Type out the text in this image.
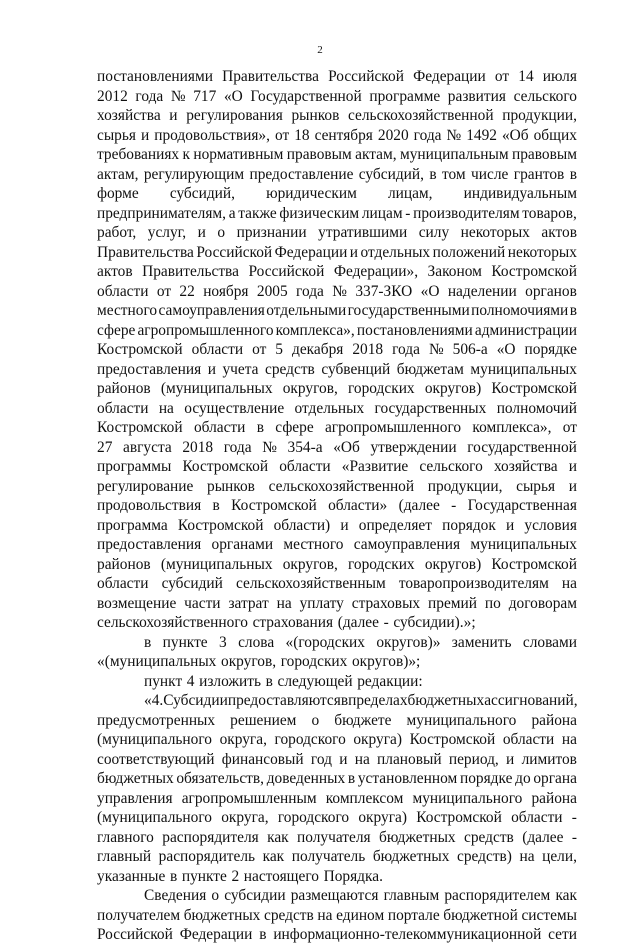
2
постановлениями Правительства Российской Федерации от 14 июля
2012 года № 717 «О Государственной программе развития сельского
хозяйства и регулирования рынков сельскохозяйственной продукции,
сырья и продовольствия», от 18 сентября 2020 года № 1492 «Об общих
требованиях к нормативным правовым актам, муниципальным правовым
актам, регулирующим предоставление субсидий, в том числе грантов в
форме субсидий, юридическим лицам, индивидуальным
предпринимателям, а также физическим лицам - производителям товаров,
работ, услуг, и о признании утратившими силу некоторых актов
Правительства Российской Федерации и отдельных положений некоторых
актов Правительства Российской Федерации», Законом Костромской
области от 22 ноября 2005 года № 337-ЗКО «О наделении органов
местного самоуправления отдельными государственными полномочиями в
сфере агропромышленного комплекса», постановлениями администрации
Костромской области от 5 декабря 2018 года № 506-а «О порядке
предоставления и учета средств субвенций бюджетам муниципальных
районов (муниципальных округов, городских округов) Костромской
области на осуществление отдельных государственных полномочий
Костромской области в сфере агропромышленного комплекса», от
27 августа 2018 года № 354-а «Об утверждении государственной
программы Костромской области «Развитие сельского хозяйства и
регулирование рынков сельскохозяйственной продукции, сырья и
продовольствия в Костромской области» (далее - Государственная
программа Костромской области) и определяет порядок и условия
предоставления органами местного самоуправления муниципальных
районов (муниципальных округов, городских округов) Костромской
области субсидий сельскохозяйственным товаропроизводителям на
возмещение части затрат на уплату страховых премий по договорам
сельскохозяйственного страхования (далее - субсидии).»;
в пункте 3 слова «(городских округов)» заменить словами
«(муниципальных округов, городских округов)»;
пункт 4 изложить в следующей редакции:
«4. Субсидии предоставляются в пределах бюджетных ассигнований,
предусмотренных решением о бюджете муниципального района
(муниципального округа, городского округа) Костромской области на
соответствующий финансовый год и на плановый период, и лимитов
бюджетных обязательств, доведенных в установленном порядке до органа
управления агропромышленным комплексом муниципального района
(муниципального округа, городского округа) Костромской области -
главного распорядителя как получателя бюджетных средств (далее -
главный распорядитель как получатель бюджетных средств) на цели,
указанные в пункте 2 настоящего Порядка.
Сведения о субсидии размещаются главным распорядителем как
получателем бюджетных средств на едином портале бюджетной системы
Российской Федерации в информационно-телекоммуникационной сети
